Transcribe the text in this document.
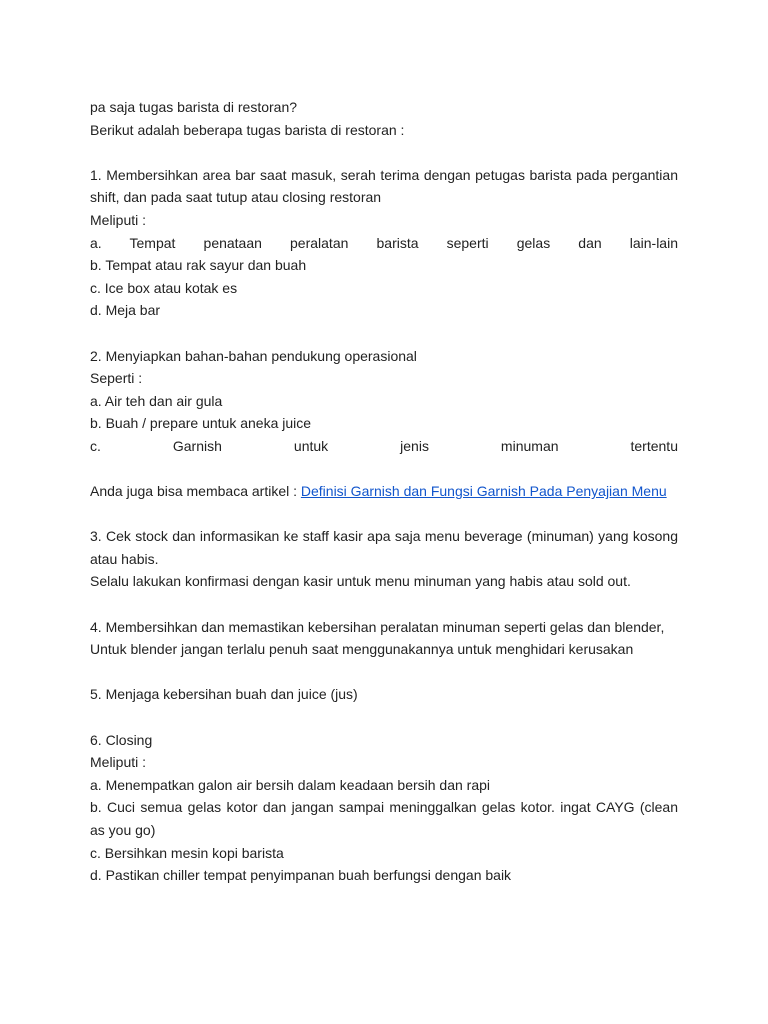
pa saja tugas barista di restoran?

Berikut adalah beberapa tugas barista di restoran :

1. Membersihkan area bar saat masuk, serah terima dengan petugas barista pada pergantian shift, dan pada saat tutup atau closing restoran

Meliputi :

a. Tempat penataan peralatan barista seperti gelas dan lain-lain

b. Tempat atau rak sayur dan buah

c. Ice box atau kotak es

d. Meja bar

2. Menyiapkan bahan-bahan pendukung operasional

Seperti :

a. Air teh dan air gula

b. Buah / prepare untuk aneka juice

c. Garnish untuk jenis minuman tertentu

Anda juga bisa membaca artikel : Definisi Garnish dan Fungsi Garnish Pada Penyajian Menu

3. Cek stock dan informasikan ke staff kasir apa saja menu beverage (minuman) yang kosong atau habis.

Selalu lakukan konfirmasi dengan kasir untuk menu minuman yang habis atau sold out.

4. Membersihkan dan memastikan kebersihan peralatan minuman seperti gelas dan blender,

Untuk blender jangan terlalu penuh saat menggunakannya untuk menghidari kerusakan

5. Menjaga kebersihan buah dan juice (jus)

6. Closing

Meliputi :

a. Menempatkan galon air bersih dalam keadaan bersih dan rapi

b. Cuci semua gelas kotor dan jangan sampai meninggalkan gelas kotor. ingat CAYG (clean as you go)

c. Bersihkan mesin kopi barista

d. Pastikan chiller tempat penyimpanan buah berfungsi dengan baik
